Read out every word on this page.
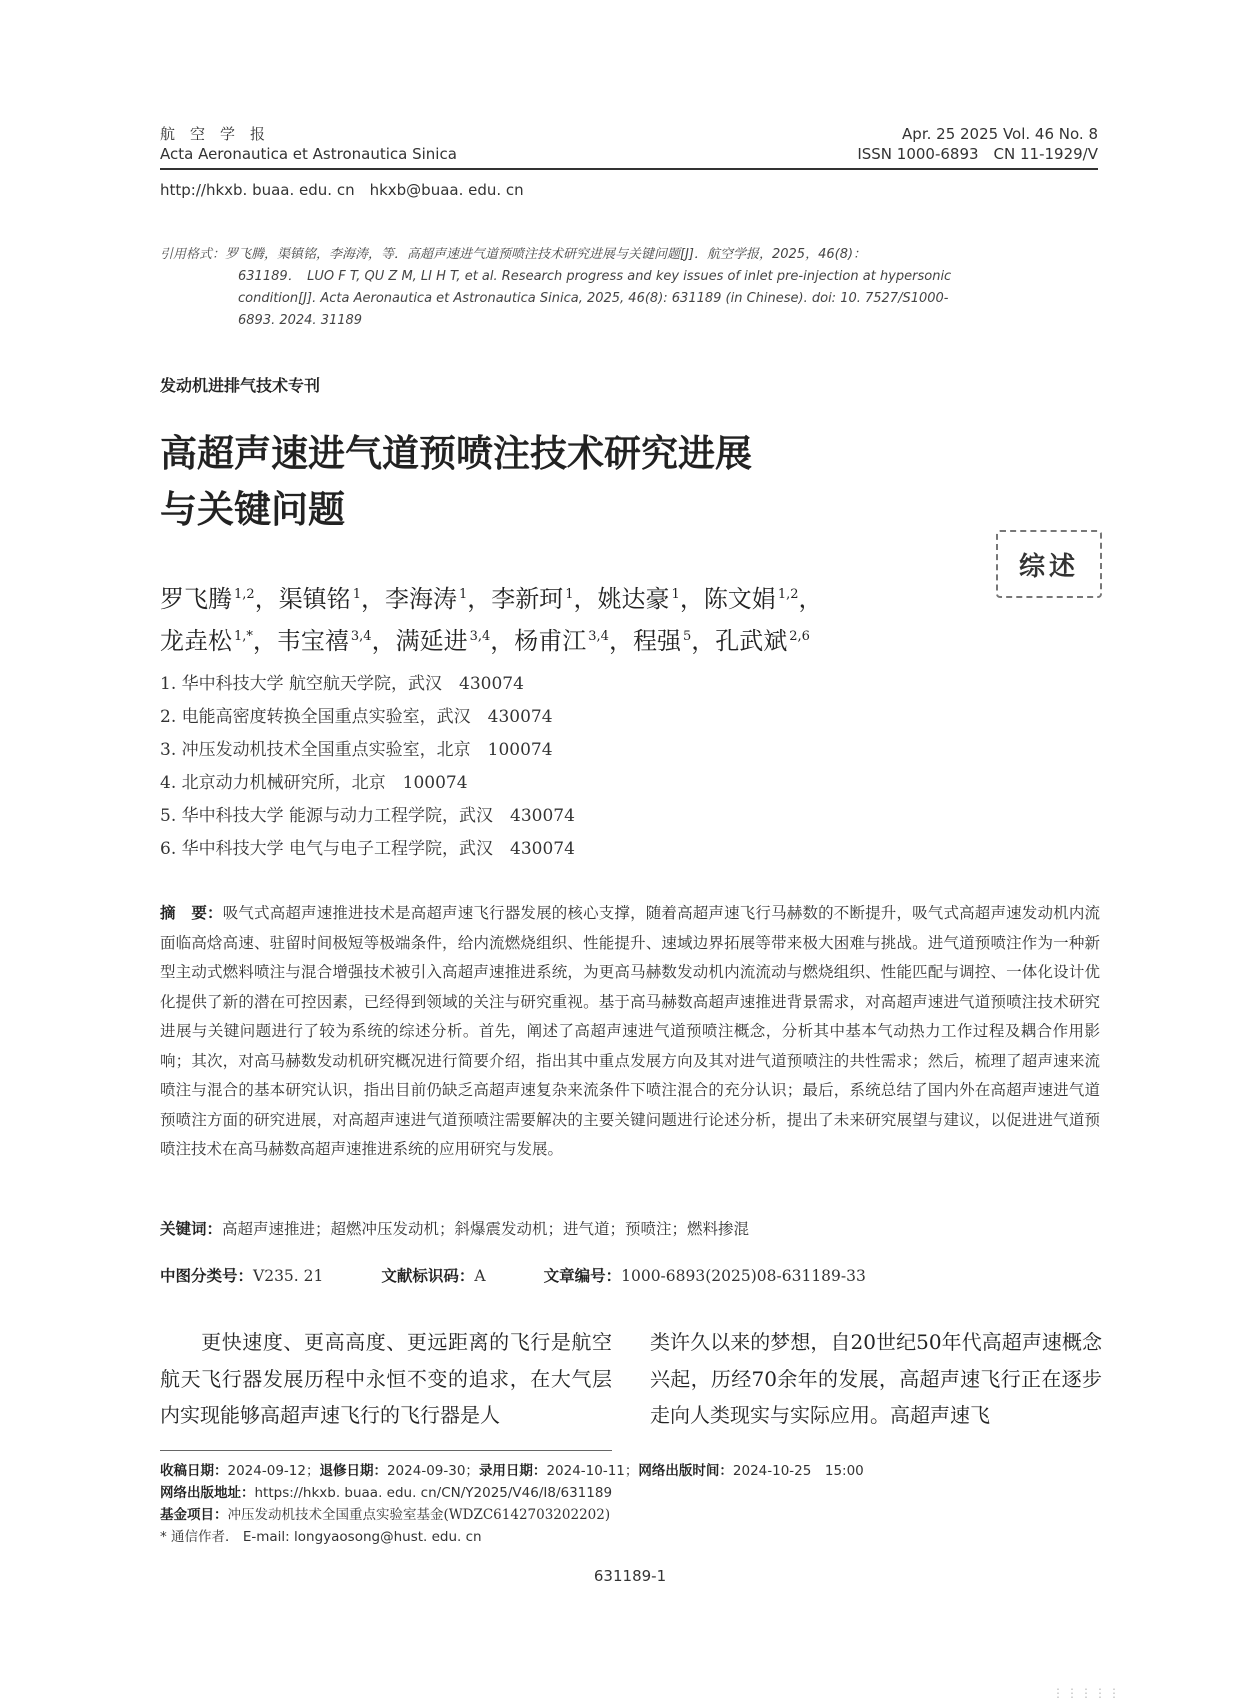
航　空　学　报
Acta Aeronautica et Astronautica Sinica
Apr. 25 2025 Vol. 46 No. 8
ISSN 1000-6893　CN 11-1929/V
http://hkxb. buaa. edu. cn　hkxb@buaa. edu. cn
引用格式：罗飞腾，渠镇铭，李海涛，等．高超声速进气道预喷注技术研究进展与关键问题[J]．航空学报，2025，46(8)：
631189．　LUO F T, QU Z M, LI H T, et al. Research progress and key issues of inlet pre-injection at hypersonic
condition[J]. Acta Aeronautica et Astronautica Sinica, 2025, 46(8): 631189 (in Chinese). doi: 10. 7527/S1000-
6893. 2024. 31189
发动机进排气技术专刊
高超声速进气道预喷注技术研究进展
与关键问题
综述
罗飞腾 $^{1,2}$，渠镇铭 $^1$，李海涛 $^1$，李新珂 $^1$，姚达豪 $^1$，陈文娟 $^{1,2}$，
龙垚松 $^{1,*}$，韦宝禧 $^{3,4}$，满延进 $^{3,4}$，杨甫江 $^{3,4}$，程强 $^5$，孔武斌 $^{2,6}$
1. 华中科技大学 航空航天学院，武汉　430074
2. 电能高密度转换全国重点实验室，武汉　430074
3. 冲压发动机技术全国重点实验室，北京　100074
4. 北京动力机械研究所，北京　100074
5. 华中科技大学 能源与动力工程学院，武汉　430074
6. 华中科技大学 电气与电子工程学院，武汉　430074
摘　要：吸气式高超声速推进技术是高超声速飞行器发展的核心支撑，随着高超声速飞行马赫数的不断提升，吸气式高超声速发动机内流面临高焓高速、驻留时间极短等极端条件，给内流燃烧组织、性能提升、速域边界拓展等带来极大困难与挑战。进气道预喷注作为一种新型主动式燃料喷注与混合增强技术被引入高超声速推进系统，为更高马赫数发动机内流流动与燃烧组织、性能匹配与调控、一体化设计优化提供了新的潜在可控因素，已经得到领域的关注与研究重视。基于高马赫数高超声速推进背景需求，对高超声速进气道预喷注技术研究进展与关键问题进行了较为系统的综述分析。首先，阐述了高超声速进气道预喷注概念，分析其中基本气动热力工作过程及耦合作用影响；其次，对高马赫数发动机研究概况进行简要介绍，指出其中重点发展方向及其对进气道预喷注的共性需求；然后，梳理了超声速来流喷注与混合的基本研究认识，指出目前仍缺乏高超声速复杂来流条件下喷注混合的充分认识；最后，系统总结了国内外在高超声速进气道预喷注方面的研究进展，对高超声速进气道预喷注需要解决的主要关键问题进行论述分析，提出了未来研究展望与建议，以促进进气道预喷注技术在高马赫数高超声速推进系统的应用研究与发展。
关键词：高超声速推进；超燃冲压发动机；斜爆震发动机；进气道；预喷注；燃料掺混
中图分类号：V235. 21	文献标识码：A	文章编号：1000-6893(2025)08-631189-33
　　更快速度、更高高度、更远距离的飞行是航空航天飞行器发展历程中永恒不变的追求，在大气层内实现能够高超声速飞行的飞行器是人
类许久以来的梦想，自20世纪50年代高超声速概念兴起，历经70余年的发展，高超声速飞行正在逐步走向人类现实与实际应用。高超声速飞
收稿日期：2024-09-12；退修日期：2024-09-30；录用日期：2024-10-11；网络出版时间：2024-10-25　15:00
网络出版地址：https://hkxb. buaa. edu. cn/CN/Y2025/V46/I8/631189
基金项目：冲压发动机技术全国重点实验室基金(WDZC6142703202202)
* 通信作者． E-mail: longyaosong@hust. edu. cn
631189-1
⋮⋮⋮⋮⋮
